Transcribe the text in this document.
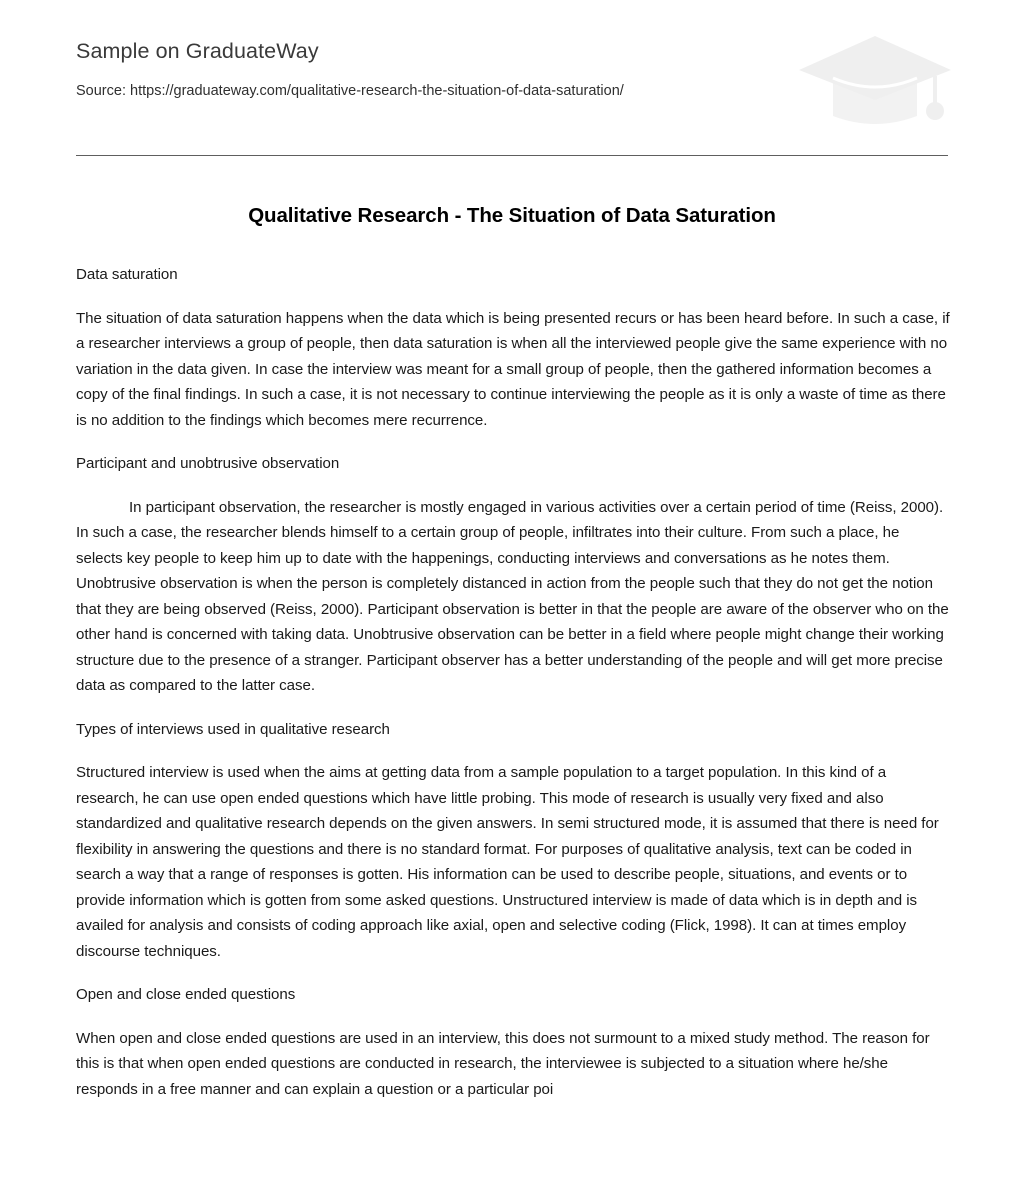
Sample on GraduateWay

Source: https://graduateway.com/qualitative-research-the-situation-of-data-saturation/

Qualitative Research - The Situation of Data Saturation

Data saturation

The situation of data saturation happens when the data which is being presented recurs or has been heard before. In such a case, if a researcher interviews a group of people, then data saturation is when all the interviewed people give the same experience with no variation in the data given. In case the interview was meant for a small group of people, then the gathered information becomes a copy of the final findings. In such a case, it is not necessary to continue interviewing the people as it is only a waste of time as there is no addition to the findings which becomes mere recurrence.

Participant and unobtrusive observation

In participant observation, the researcher is mostly engaged in various activities over a certain period of time (Reiss, 2000). In such a case, the researcher blends himself to a certain group of people, infiltrates into their culture. From such a place, he selects key people to keep him up to date with the happenings, conducting interviews and conversations as he notes them. Unobtrusive observation is when the person is completely distanced in action from the people such that they do not get the notion that they are being observed (Reiss, 2000). Participant observation is better in that the people are aware of the observer who on the other hand is concerned with taking data. Unobtrusive observation can be better in a field where people might change their working structure due to the presence of a stranger. Participant observer has a better understanding of the people and will get more precise data as compared to the latter case.

Types of interviews used in qualitative research

Structured interview is used when the aims at getting data from a sample population to a target population. In this kind of a research, he can use open ended questions which have little probing. This mode of research is usually very fixed and also standardized and qualitative research depends on the given answers. In semi structured mode, it is assumed that there is need for flexibility in answering the questions and there is no standard format. For purposes of qualitative analysis, text can be coded in search a way that a range of responses is gotten. His information can be used to describe people, situations, and events or to provide information which is gotten from some asked questions. Unstructured interview is made of data which is in depth and is availed for analysis and consists of coding approach like axial, open and selective coding (Flick, 1998). It can at times employ discourse techniques.

Open and close ended questions

When open and close ended questions are used in an interview, this does not surmount to a mixed study method. The reason for this is that when open ended questions are conducted in research, the interviewee is subjected to a situation where he/she responds in a free manner and can explain a question or a particular poi
